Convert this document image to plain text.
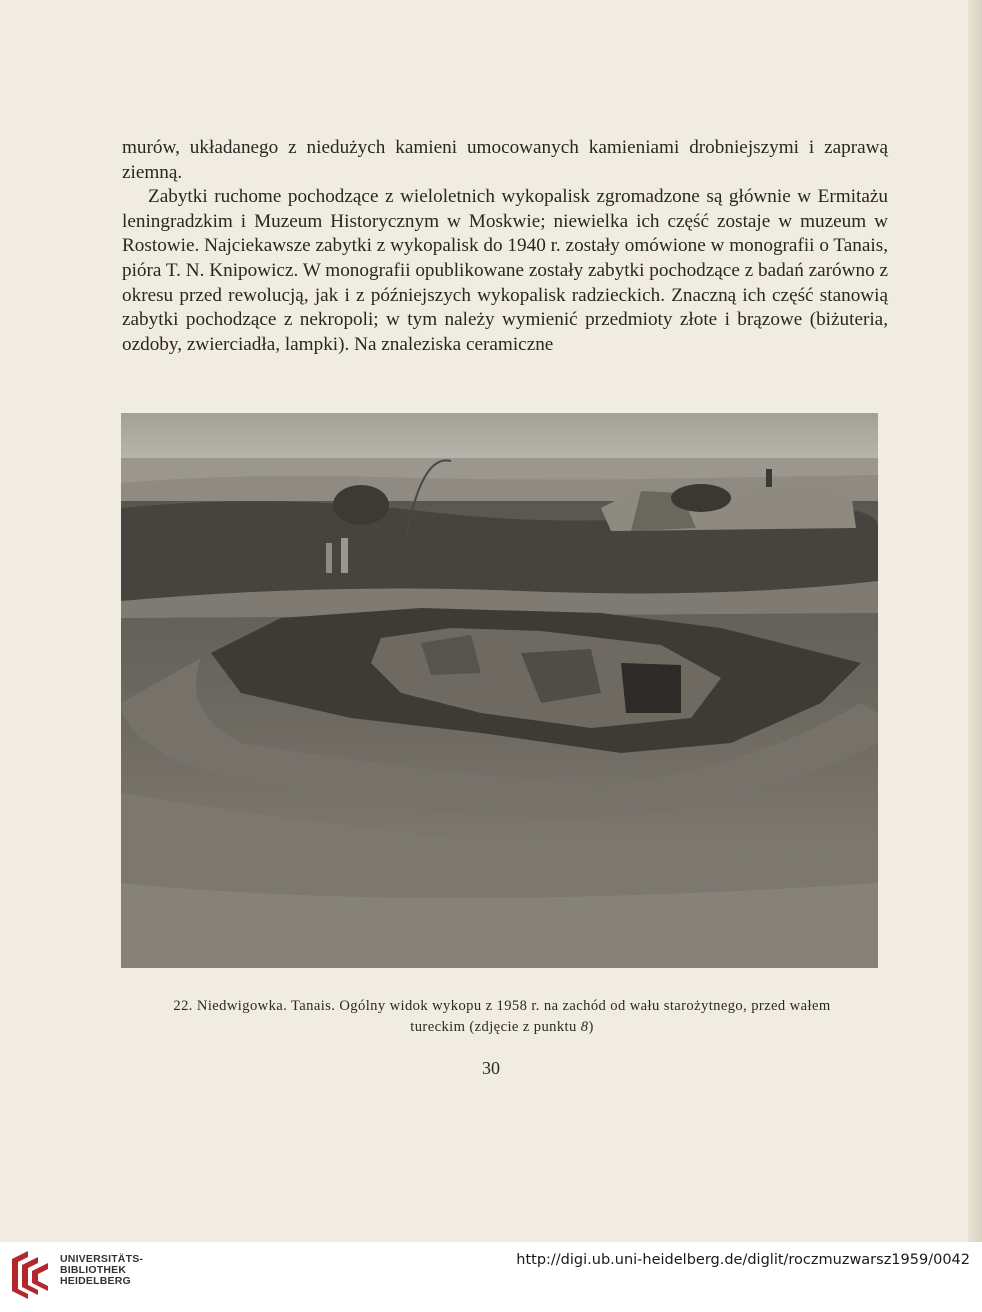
murów, układanego z niedużych kamieni umocowanych kamieniami drobniejszymi i zaprawą ziemną.

Zabytki ruchome pochodzące z wieloletnich wykopalisk zgromadzone są głównie w Ermitażu leningradzkim i Muzeum Historycznym w Moskwie; niewielka ich część zostaje w muzeum w Rostowie. Najciekawsze zabytki z wykopalisk do 1940 r. zostały omówione w monografii o Tanais, pióra T. N. Knipowicz. W monografii opublikowane zostały zabytki pochodzące z badań zarówno z okresu przed rewolucją, jak i z późniejszych wykopalisk radzieckich. Znaczną ich część stanowią zabytki pochodzące z nekropoli; w tym należy wymienić przedmioty złote i brązowe (biżuteria, ozdoby, zwierciadła, lampki). Na znaleziska ceramiczne

22. Niedwigowka. Tanais. Ogólny widok wykopu z 1958 r. na zachód od wału starożytnego, przed wałem
tureckim (zdjęcie z punktu 8)
30
UNIVERSITÄTS-
BIBLIOTHEK
HEIDELBERG
http://digi.ub.uni-heidelberg.de/diglit/roczmuzwarsz1959/0042
